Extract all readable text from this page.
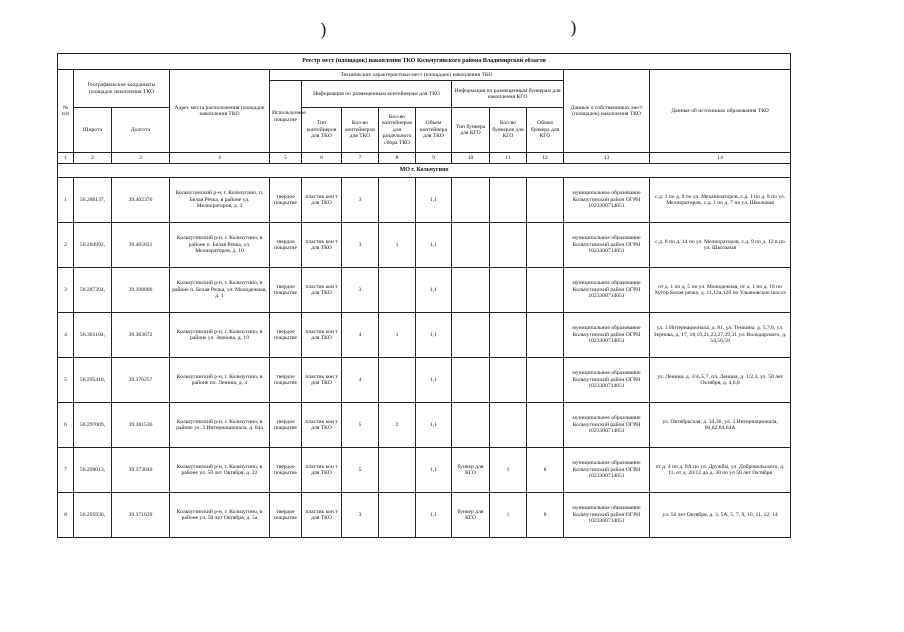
)	)
Реестр мест (площадок) накопления ТКО Кольчугинского района Владимирской области													
№ п/п	Географические координаты площадок накопления ТКО		Адрес места расположения площадок накопления ТКО	Технические характеристики мест (площадок) накопления ТКО								Данные о собственниках мест (площадок) накопления ТКО	Данные об источниках образования ТКО
				Используемое покрытие	Информация по размещенным контейнерам для ТКО				Информация по размещенным бункерам для накопления КГО				
	Широта	Долгота			Тип контейнеров для ТКО	Кол-во контейнеров для ТКО	Кол-во контейнеров для раздельного сбора ТКО	Объем контейнера для ТКО	Тип бункера для КГО	Кол-во бункеров для КГО	Объем бункера для КГО		
1	2	3	4	5	6	7	8	9	10	11	12	13	14
МО г. Кольчугино													
1	56.286137,	39.402376	Кольчугинский р-н, г. Кольчугино, п. Белая Речка, в районе ул. Мелиораторов, д. 3	твердое покрытие	пластик кон т для ТКО	3		1,1				муниципальное образование Кольчугинский район ОГРН 1023300714051	с.д. 1 по д. 9 по ул. Механизаторов, с.д. 1 по д. 8 по ул. Мелиораторов, с.д. 1 по д. 7 по ул. Школьная
2	56.284992,	39.405831	Кольчугинский р-н, г. Кольчугино, в районе п. Белая Речка, ул. Мелиораторов, д. 10	твердое покрытие	пластик кон т для ТКО	3	1	1,1				муниципальное образование Кольчугинский район ОГРН 1023300714051	с.д. 8 по д. 14 по ул. Мелиораторов, с.д. 9 по д. 12 в по ул. Школьная
3	56.287394,	39.398006	Кольчугинский р-н, г. Кольчугино, в районе п. Белая Речка, ул. Молодежная, д. 1	твердое покрытие	пластик кон т для ТКО	3		1,1				муниципальное образование Кольчугинский район ОГРН 1023300714051	от д. 1 по д. 5 по ул. Молодежная, от д. 1 по д. 18 по Хутор Белая речка, д. 11,12а,12б по Ульяновское шоссе
4	56.301104,	39.383672	Кольчугинский р-н, г. Кольчугино, в районе ул. Зернова, д. 19	твердое покрытие	пластик кон т для ТКО	4	1	1,1				муниципальное образование Кольчугинский район ОГРН 1023300714051	ул. 3 Интернационала, д. 81, ул. Темкина, д. 5,7,9, ул. Зернова, д. 17, 18,19,21,23,27,29,31 ул. Володарского, д. 54,56,58
5	56.295416,	39.376257	Кольчугинский р-н, г. Кольчугино, в районе пл. Ленина, д. 3	твердое покрытие	пластик кон т для ТКО	4		1,1				муниципальное образование Кольчугинский район ОГРН 1023300714051	ул. Ленина, д. 3/4, 5,7, пл. Ленина, д. 1/2,3, ул. 50 лет Октября, д. 4,6,8
6	56.297009,	39.381536	Кольчугинский р-н, г. Кольчугино, в районе ул. 3 Интернационала, д. 64а	твердое покрытие	пластик кон т для ТКО	5	2	1,1				муниципальное образование Кольчугинский район ОГРН 1023300714051	ул. Октябрьская, д. 34,36, ул. 3 Интернационала, 60,62,64,64А
7	56.299013,	39.373640	Кольчугинский р-н, г. Кольчугино, в районе ул. 50 лет Октября, д. 22	твердое покрытие	пластик кон т для ТКО	5		1,1	бункер для КГО	1	8	муниципальное образование Кольчугинский район ОГРН 1023300714051	от д. 4 по д. 8А по ул. Дружбы, ул. Добровольского, д. 11, от д. 20/12 до д. 30 по ул 50 лет Октября
8	56.295936,	39.371639	Кольчугинский р-н, г. Кольчугино, в районе ул. 50 лет Октября, д. 5а	твердое покрытие	пластик кон т для ТКО	3		1,1	бункер для КГО	1	8	муниципальное образование Кольчугинский район ОГРН 1023300714051	ул. 50 лет Октября, д. 3, 5А, 5, 7, 9, 10, 11, 12, 14
